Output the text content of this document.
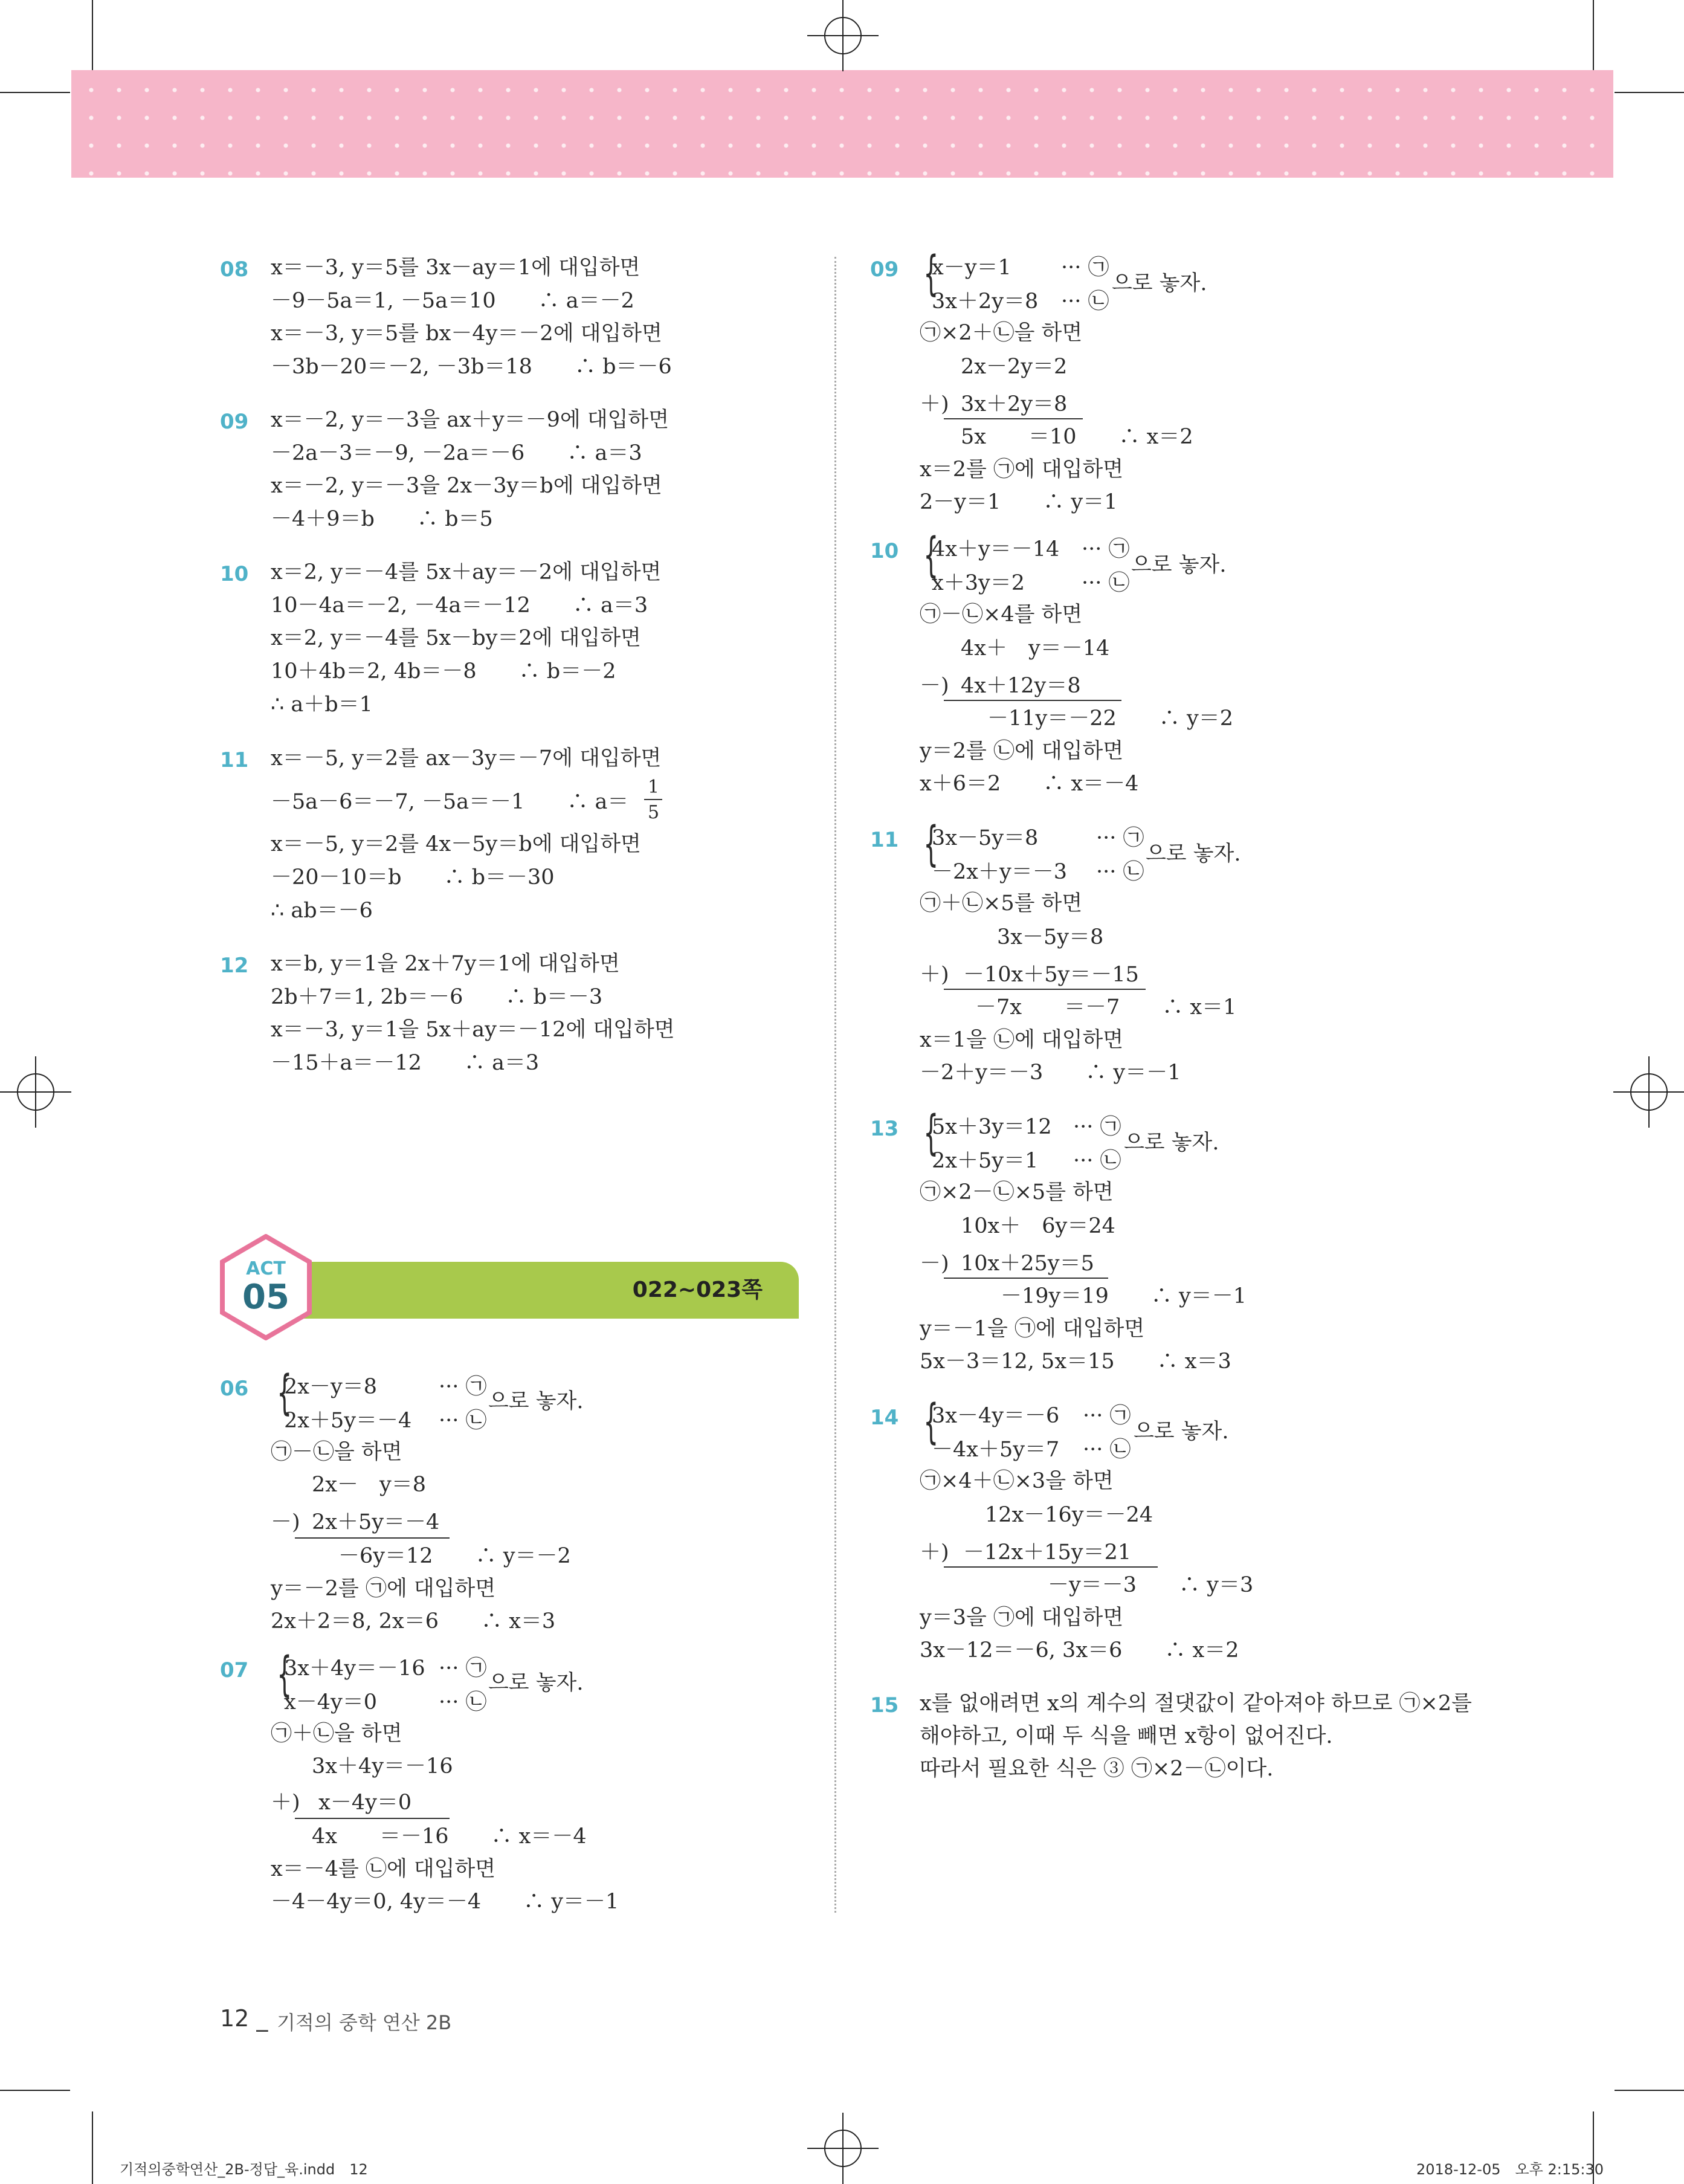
08 x＝－3, y＝5를 3x－ay＝1에 대입하면
－9－5a＝1, －5a＝10　　∴ a＝－2
x＝－3, y＝5를 bx－4y＝－2에 대입하면
－3b－20＝－2, －3b＝18　　∴ b＝－6
09 x＝－2, y＝－3을 ax＋y＝－9에 대입하면
－2a－3＝－9, －2a＝－6　　∴ a＝3
x＝－2, y＝－3을 2x－3y＝b에 대입하면
－4＋9＝b　　∴ b＝5
10 x＝2, y＝－4를 5x＋ay＝－2에 대입하면
10－4a＝－2, －4a＝－12　　∴ a＝3
x＝2, y＝－4를 5x－by＝2에 대입하면
10＋4b＝2, 4b＝－8　　∴ b＝－2
∴ a＋b＝1
11 x＝－5, y＝2를 ax－3y＝－7에 대입하면
－5a－6＝－7, －5a＝－1　　∴ a＝
1
5
x＝－5, y＝2를 4x－5y＝b에 대입하면
－20－10＝b　　∴ b＝－30
∴ ab＝－6
12 x＝b, y＝1을 2x＋7y＝1에 대입하면
2b＋7＝1, 2b＝－6　　∴ b＝－3
x＝－3, y＝1을 5x＋ay＝－12에 대입하면
－15＋a＝－12　　∴ a＝3
022~023쪽
ACT
05
06 {
2x－y＝8
2x＋5y＝－4
··· ㉠
··· ㉡
으로 놓자.
㉠－㉡을 하면
2x－　y＝8
－) 2x＋5y＝－4
－6y＝12　　∴ y＝－2
y＝－2를 ㉠에 대입하면
2x＋2＝8, 2x＝6　　∴ x＝3
07 {
3x＋4y＝－16
x－4y＝0
··· ㉠
··· ㉡
으로 놓자.
㉠＋㉡을 하면
3x＋4y＝－16
＋) x－4y＝0
4x　　＝－16　　∴ x＝－4
x＝－4를 ㉡에 대입하면
－4－4y＝0, 4y＝－4　　∴ y＝－1
09 {
x－y＝1
3x＋2y＝8
··· ㉠
··· ㉡
으로 놓자.
㉠×2＋㉡을 하면
2x－2y＝2
＋) 3x＋2y＝8
5x　　＝10　　∴ x＝2
x＝2를 ㉠에 대입하면
2－y＝1　　∴ y＝1
10 {
4x＋y＝－14
x＋3y＝2
··· ㉠
··· ㉡
으로 놓자.
㉠－㉡×4를 하면
4x＋　y＝－14
－) 4x＋12y＝8
－11y＝－22　　∴ y＝2
y＝2를 ㉡에 대입하면
x＋6＝2　　∴ x＝－4
11 {
3x－5y＝8
－2x＋y＝－3
··· ㉠
··· ㉡
으로 놓자.
㉠＋㉡×5를 하면
3x－5y＝8
＋) －10x＋5y＝－15
－7x　　＝－7　　∴ x＝1
x＝1을 ㉡에 대입하면
－2＋y＝－3　　∴ y＝－1
13 {
5x＋3y＝12
2x＋5y＝1
··· ㉠
··· ㉡
으로 놓자.
㉠×2－㉡×5를 하면
10x＋　6y＝24
－) 10x＋25y＝5
－19y＝19　　∴ y＝－1
y＝－1을 ㉠에 대입하면
5x－3＝12, 5x＝15　　∴ x＝3
14 {
3x－4y＝－6
－4x＋5y＝7
··· ㉠
··· ㉡
으로 놓자.
㉠×4＋㉡×3을 하면
12x－16y＝－24
＋) －12x＋15y＝21
－y＝－3　　∴ y＝3
y＝3을 ㉠에 대입하면
3x－12＝－6, 3x＝6　　∴ x＝2
15 x를 없애려면 x의 계수의 절댓값이 같아져야 하므로 ㉠×2를
해야하고, 이때 두 식을 빼면 x항이 없어진다.
따라서 필요한 식은 ③ ㉠×2－㉡이다.
12 _ 기적의 중학 연산 2B
기적의중학연산_2B-정답_육.indd　12	2018-12-05　오후 2:15:30
